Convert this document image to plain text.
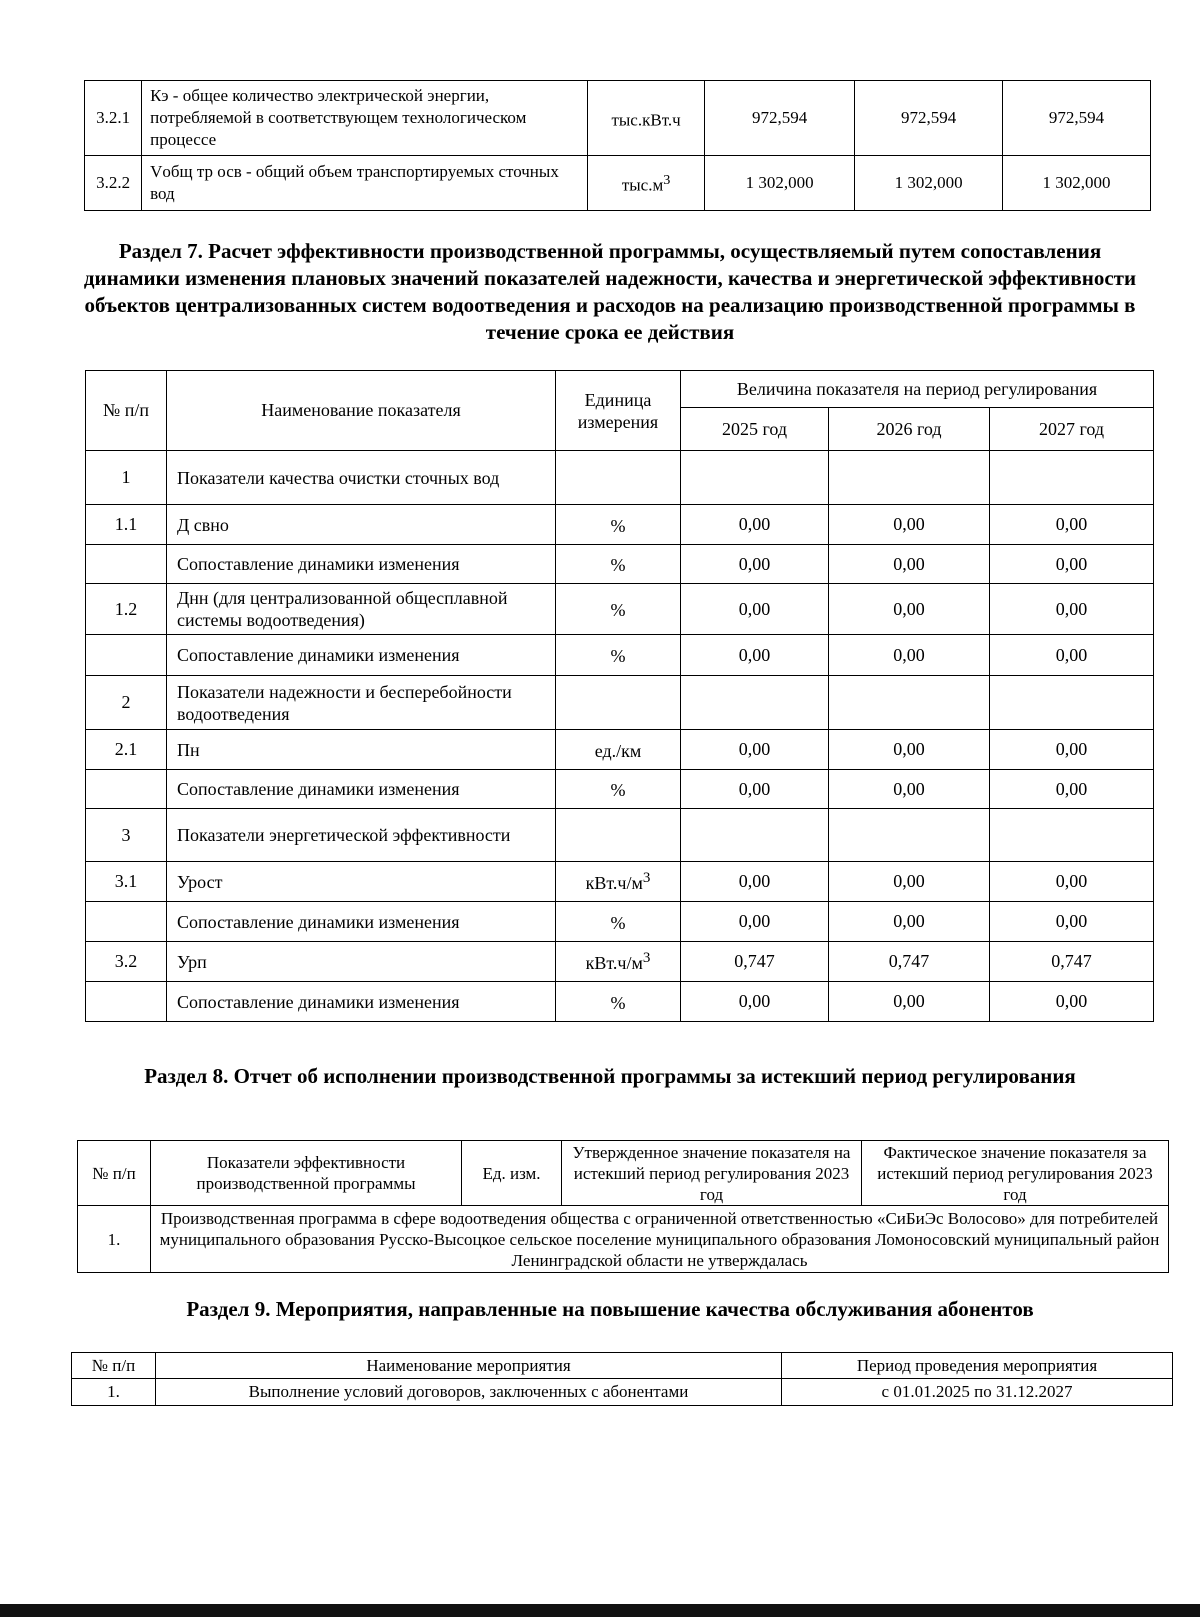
3.2.1	Кэ - общее количество электрической энергии, потребляемой в соответствующем технологическом процессе	тыс.кВт.ч	972,594	972,594	972,594
3.2.2	Vобщ тр осв - общий объем транспортируемых сточных вод	$тыс.м^3$	1 302,000	1 302,000	1 302,000
Раздел 7. Расчет эффективности производственной программы, осуществляемый путем сопоставления динамики изменения плановых значений показателей надежности, качества и энергетической эффективности объектов централизованных систем водоотведения и расходов на реализацию производственной программы в течение срока ее действия
№ п/п	Наименование показателя	Единица измерения	Величина показателя на период регулирования		
			2025 год	2026 год	2027 год
1	Показатели качества очистки сточных вод				
1.1	Д свно	%	0,00	0,00	0,00
	Сопоставление динамики изменения	%	0,00	0,00	0,00
1.2	Днн (для централизованной общесплавной системы водоотведения)	%	0,00	0,00	0,00
	Сопоставление динамики изменения	%	0,00	0,00	0,00
2	Показатели надежности и бесперебойности водоотведения				
2.1	Пн	ед./км	0,00	0,00	0,00
	Сопоставление динамики изменения	%	0,00	0,00	0,00
3	Показатели энергетической эффективности				
3.1	Урост	$кВт.ч/м^3$	0,00	0,00	0,00
	Сопоставление динамики изменения	%	0,00	0,00	0,00
3.2	Урп	$кВт.ч/м^3$	0,747	0,747	0,747
	Сопоставление динамики изменения	%	0,00	0,00	0,00
Раздел 8. Отчет об исполнении производственной программы за истекший период регулирования
№ п/п	Показатели эффективности производственной программы	Ед. изм.	Утвержденное значение показателя на истекший период регулирования 2023 год	Фактическое значение показателя за истекший период регулирования 2023 год
1.	Производственная программа в сфере водоотведения общества с ограниченной ответственностью «СиБиЭс Волосово» для потребителей муниципального образования Русско-Высоцкое сельское поселение муниципального образования Ломоносовский муниципальный район Ленинградской области не утверждалась			
Раздел 9. Мероприятия, направленные на повышение качества обслуживания абонентов
№ п/п	Наименование мероприятия	Период проведения мероприятия
1.	Выполнение условий договоров, заключенных с абонентами	с 01.01.2025 по 31.12.2027
